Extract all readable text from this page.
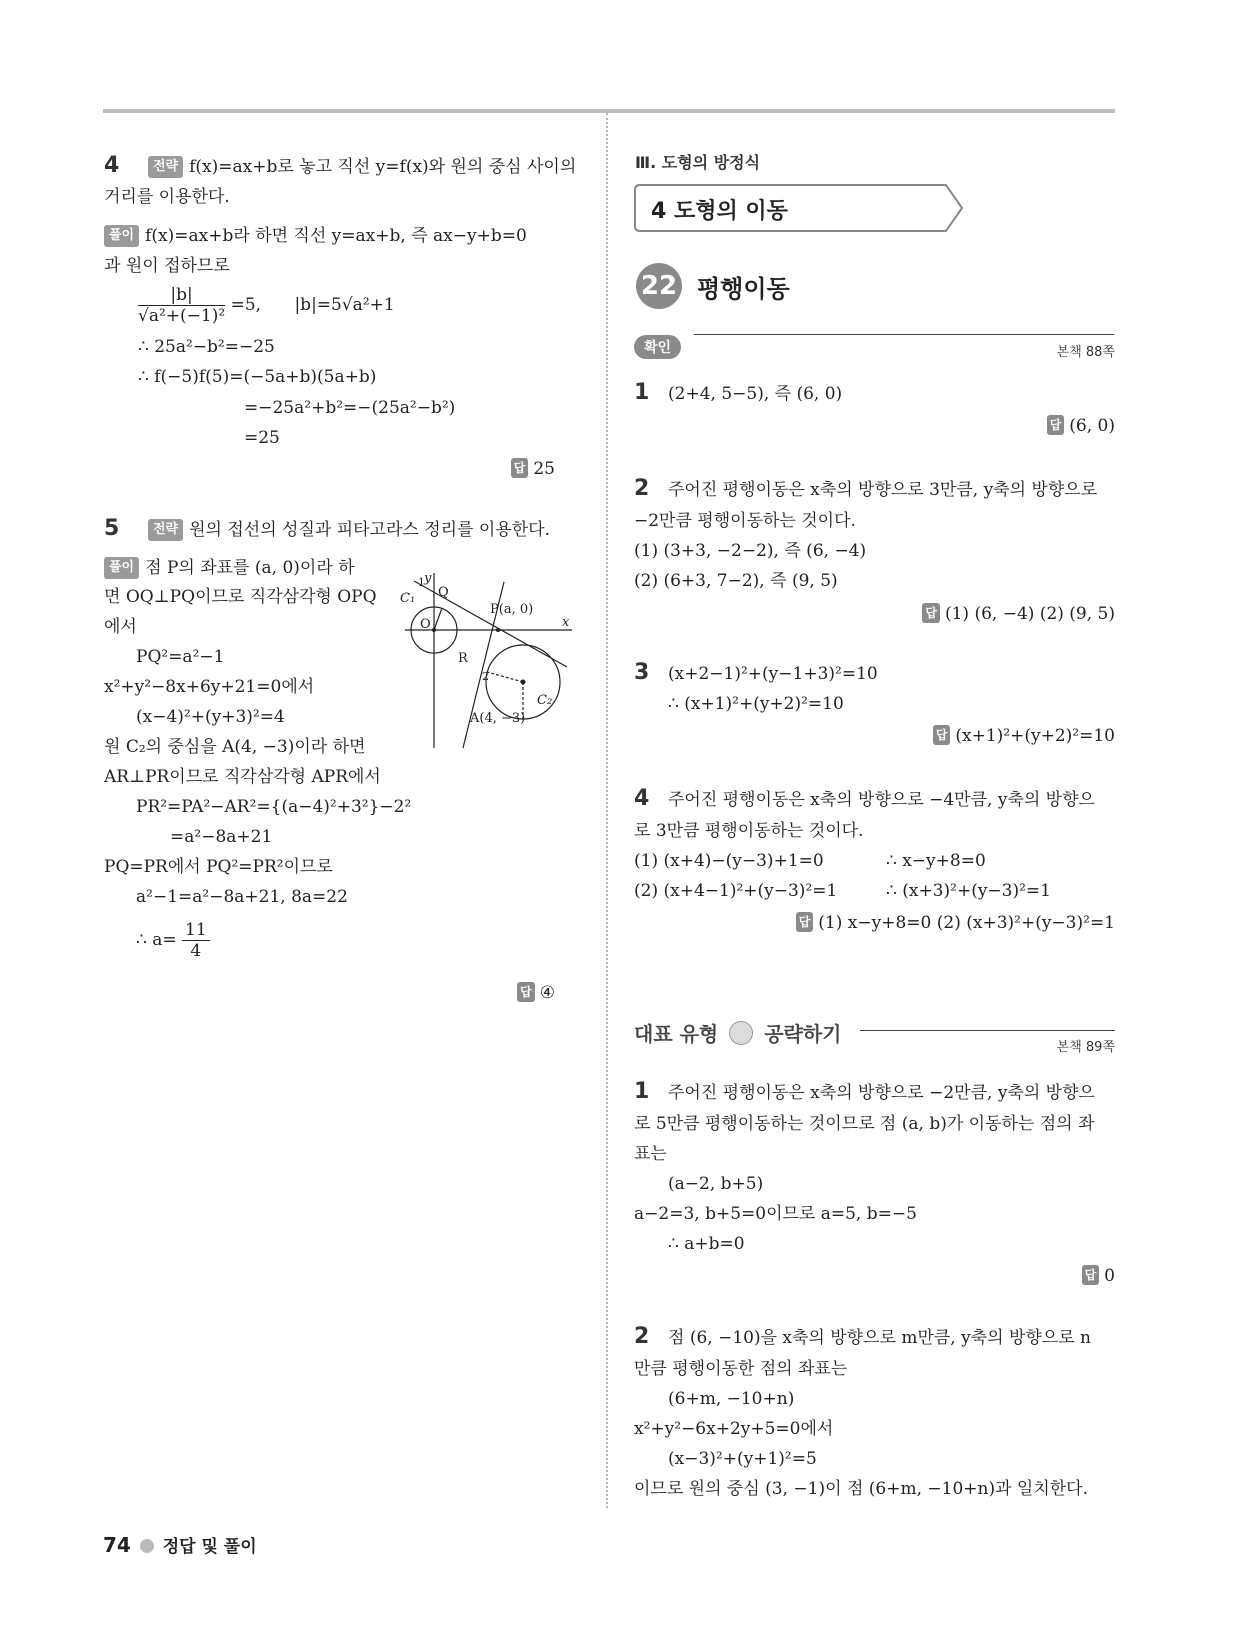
4	전략 f(x)=ax+b로 놓고 직선 y=f(x)와 원의 중심 사이의
거리를 이용한다.
풀이 f(x)=ax+b라 하면 직선 y=ax+b, 즉 ax−y+b=0
과 원이 접하므로
$\frac{|b|}{\text{√a²+(−1)²}} =5$, |b|=5√a²+1
∴ 25a²−b²=−25
∴ f(−5)f(5)=(−5a+b)(5a+b)
=−25a²+b²=−(25a²−b²)
=25
답 25
5	전략 원의 접선의 성질과 피타고라스 정리를 이용한다.
풀이 점 P의 좌표를 (a, 0)이라 하
면 OQ⊥PQ이므로 직각삼각형 OPQ
에서
PQ²=a²−1
x²+y²−8x+6y+21=0에서
(x−4)²+(y+3)²=4
원 C₂의 중심을 A(4, −3)이라 하면
AR⊥PR이므로 직각삼각형 APR에서
PR²=PA²−AR²={(a−4)²+3²}−2²
=a²−8a+21
PQ=PR에서 PQ²=PR²이므로
a²−1=a²−8a+21, 8a=22
∴ $a= \frac{11}{4}$
답 ④
y
x
O
C₁
C₂
Q
R
1
2
P(a, 0)
A(4, −3)
Ⅲ. 도형의 방정식
4 도형의 이동
22 평행이동
확인	본책 88쪽
1 (2+4, 5−5), 즉 (6, 0)
답 (6, 0)
2 주어진 평행이동은 x축의 방향으로 3만큼, y축의 방향으로
−2만큼 평행이동하는 것이다.
(1) (3+3, −2−2), 즉 (6, −4)
(2) (6+3, 7−2), 즉 (9, 5)
답 (1) (6, −4) (2) (9, 5)
3 (x+2−1)²+(y−1+3)²=10
∴ (x+1)²+(y+2)²=10
답 (x+1)²+(y+2)²=10
4 주어진 평행이동은 x축의 방향으로 −4만큼, y축의 방향으
로 3만큼 평행이동하는 것이다.
(1) (x+4)−(y−3)+1=0	∴ x−y+8=0
(2) (x+4−1)²+(y−3)²=1	∴ (x+3)²+(y−3)²=1
답 (1) x−y+8=0 (2) (x+3)²+(y−3)²=1
대표 유형 공략하기
본책 89쪽
1 주어진 평행이동은 x축의 방향으로 −2만큼, y축의 방향으
로 5만큼 평행이동하는 것이므로 점 (a, b)가 이동하는 점의 좌
표는
(a−2, b+5)
a−2=3, b+5=0이므로 a=5, b=−5
∴ a+b=0
답 0
2 점 (6, −10)을 x축의 방향으로 m만큼, y축의 방향으로 n
만큼 평행이동한 점의 좌표는
(6+m, −10+n)
x²+y²−6x+2y+5=0에서
(x−3)²+(y+1)²=5
이므로 원의 중심 (3, −1)이 점 (6+m, −10+n)과 일치한다.
74 정답 및 풀이
